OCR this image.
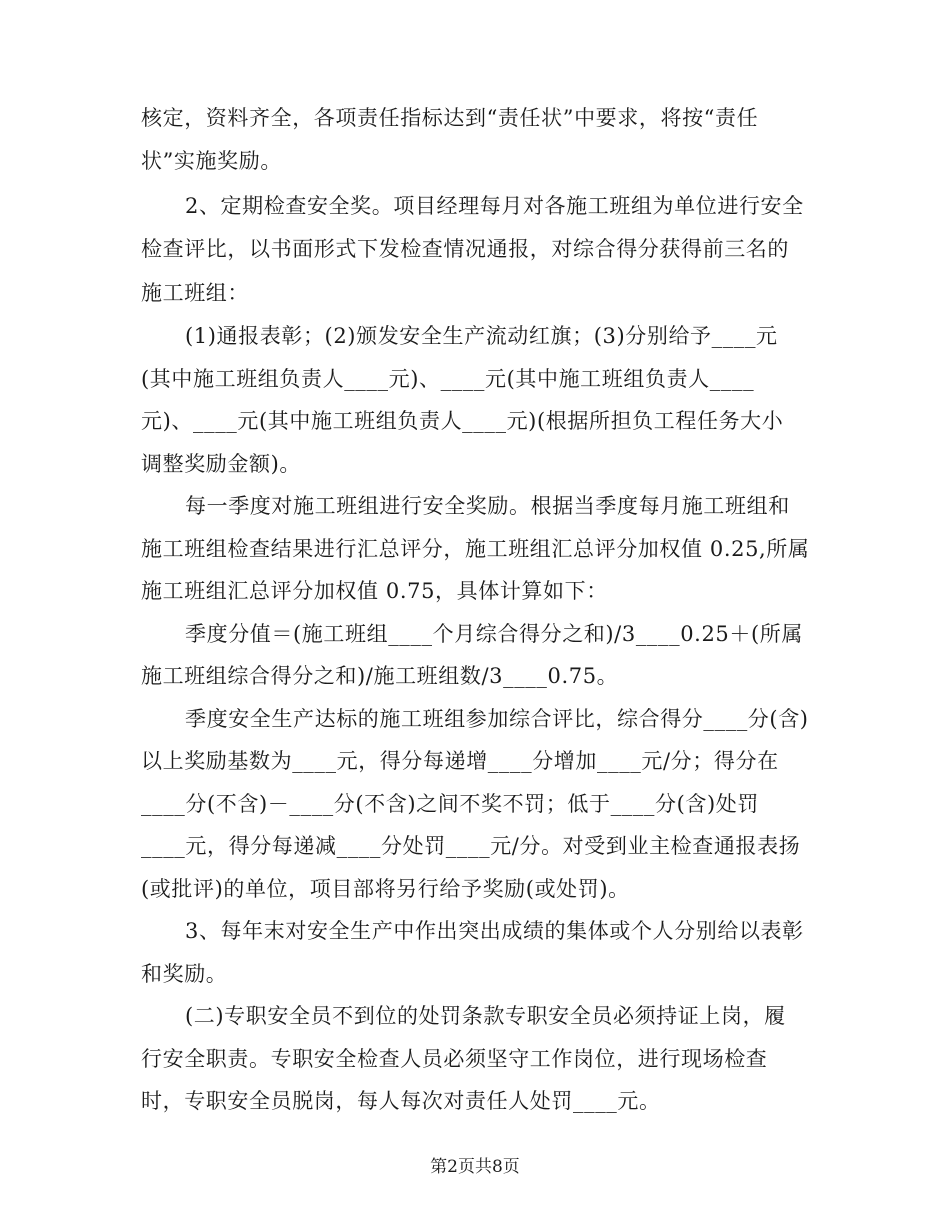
核定，资料齐全，各项责任指标达到“责任状”中要求，将按“责任
状”实施奖励。
2、定期检查安全奖。项目经理每月对各施工班组为单位进行安全
检查评比，以书面形式下发检查情况通报，对综合得分获得前三名的
施工班组：
(1)通报表彰；(2)颁发安全生产流动红旗；(3)分别给予____元
(其中施工班组负责人____元)、____元(其中施工班组负责人____
元)、____元(其中施工班组负责人____元)(根据所担负工程任务大小
调整奖励金额)。
每一季度对施工班组进行安全奖励。根据当季度每月施工班组和
施工班组检查结果进行汇总评分，施工班组汇总评分加权值 0.25,所属
施工班组汇总评分加权值 0.75，具体计算如下：
季度分值＝(施工班组____个月综合得分之和)/3____0.25＋(所属
施工班组综合得分之和)/施工班组数/3____0.75。
季度安全生产达标的施工班组参加综合评比，综合得分____分(含)
以上奖励基数为____元，得分每递增____分增加____元/分；得分在
____分(不含)－____分(不含)之间不奖不罚；低于____分(含)处罚
____元，得分每递减____分处罚____元/分。对受到业主检查通报表扬
(或批评)的单位，项目部将另行给予奖励(或处罚)。
3、每年末对安全生产中作出突出成绩的集体或个人分别给以表彰
和奖励。
(二)专职安全员不到位的处罚条款专职安全员必须持证上岗，履
行安全职责。专职安全检查人员必须坚守工作岗位，进行现场检查
时，专职安全员脱岗，每人每次对责任人处罚____元。
第2页共8页
